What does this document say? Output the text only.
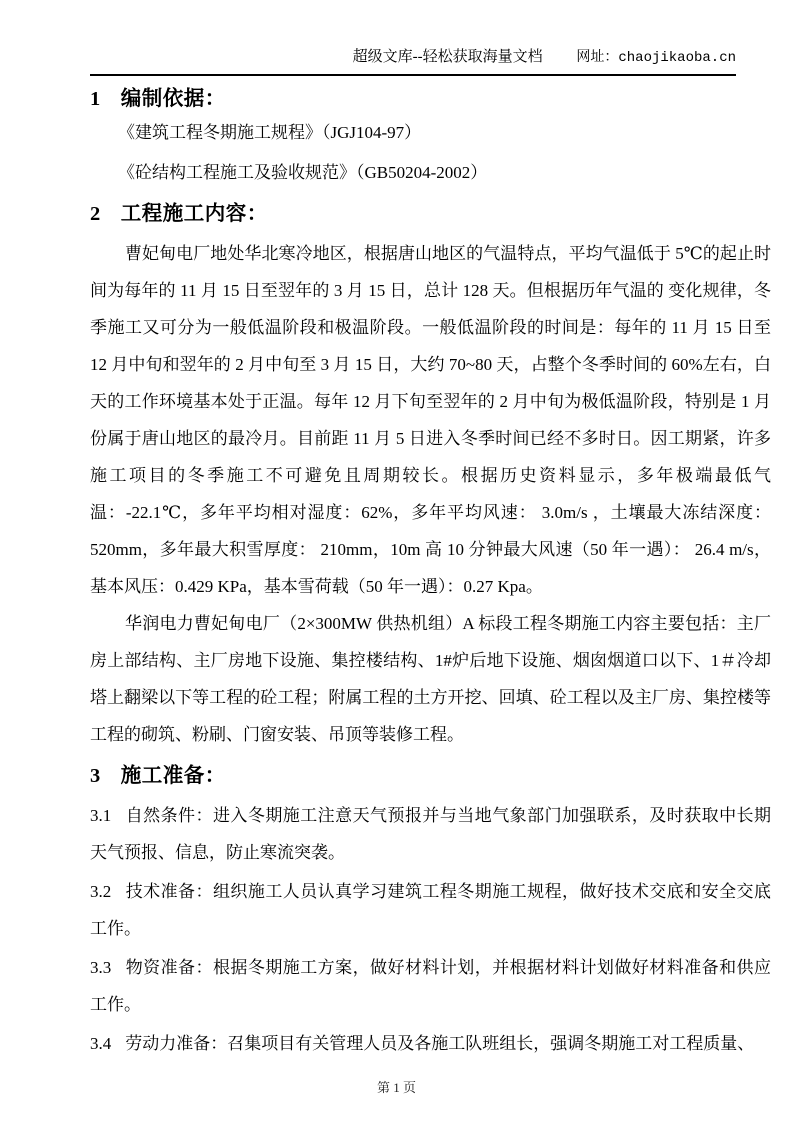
超级文库--轻松获取海量文档 网址：chaojikaoba.cn
1 编制依据：

《建筑工程冬期施工规程》（JGJ104-97）

《砼结构工程施工及验收规范》（GB50204-2002）

2 工程施工内容：

曹妃甸电厂地处华北寒冷地区，根据唐山地区的气温特点，平均气温低于 5℃的起止时间为每年的 11 月 15 日至翌年的 3 月 15 日，总计 128 天。但根据历年气温的 变化规律，冬季施工又可分为一般低温阶段和极温阶段。一般低温阶段的时间是：每年的 11 月 15 日至 12 月中旬和翌年的 2 月中旬至 3 月 15 日，大约 70~80 天，占整个冬季时间的 60%左右，白天的工作环境基本处于正温。每年 12 月下旬至翌年的 2 月中旬为极低温阶段，特别是 1 月份属于唐山地区的最冷月。目前距 11 月 5 日进入冬季时间已经不多时日。因工期紧，许多施工项目的冬季施工不可避免且周期较长。根据历史资料显示，多年极端最低气温：-22.1℃，多年平均相对湿度：62%，多年平均风速： 3.0m/s ，土壤最大冻结深度： 520mm，多年最大积雪厚度： 210mm，10m 高 10 分钟最大风速（50 年一遇）： 26.4 m/s，基本风压：0.429 KPa，基本雪荷载（50 年一遇）：0.27 Kpa。

华润电力曹妃甸电厂（2×300MW 供热机组）A 标段工程冬期施工内容主要包括：主厂房上部结构、主厂房地下设施、集控楼结构、1#炉后地下设施、烟囱烟道口以下、1＃冷却塔上翻梁以下等工程的砼工程；附属工程的土方开挖、回填、砼工程以及主厂房、集控楼等工程的砌筑、粉刷、门窗安装、吊顶等装修工程。

3 施工准备：

3.1 自然条件：进入冬期施工注意天气预报并与当地气象部门加强联系，及时获取中长期天气预报、信息，防止寒流突袭。

3.2 技术准备：组织施工人员认真学习建筑工程冬期施工规程，做好技术交底和安全交底工作。

3.3 物资准备：根据冬期施工方案，做好材料计划，并根据材料计划做好材料准备和供应工作。

3.4 劳动力准备：召集项目有关管理人员及各施工队班组长，强调冬期施工对工程质量、

第 1 页
